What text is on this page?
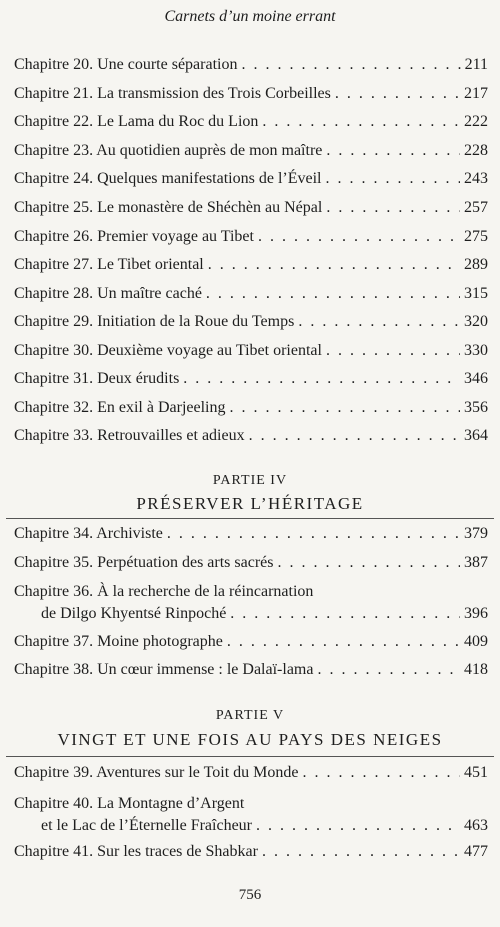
Carnets d’un moine errant
Chapitre 20. Une courte séparation . . .	211
Chapitre 21. La transmission des Trois Corbeilles . . .	217
Chapitre 22. Le Lama du Roc du Lion . . .	222
Chapitre 23. Au quotidien auprès de mon maître . . .	228
Chapitre 24. Quelques manifestations de l’Éveil . . .	243
Chapitre 25. Le monastère de Shéchèn au Népal . . .	257
Chapitre 26. Premier voyage au Tibet . . .	275
Chapitre 27. Le Tibet oriental . . .	289
Chapitre 28. Un maître caché . . .	315
Chapitre 29. Initiation de la Roue du Temps . . .	320
Chapitre 30. Deuxième voyage au Tibet oriental . . .	330
Chapitre 31. Deux érudits . . .	346
Chapitre 32. En exil à Darjeeling . . .	356
Chapitre 33. Retrouvailles et adieux . . .	364
PARTIE IV
PRÉSERVER L’HÉRITAGE
Chapitre 34. Archiviste . . .	379
Chapitre 35. Perpétuation des arts sacrés . . .	387
Chapitre 36. À la recherche de la réincarnation
de Dilgo Khyentsé Rinpoché . . .	396
Chapitre 37. Moine photographe . . .	409
Chapitre 38. Un cœur immense : le Dalaï-lama . . .	418
PARTIE V
VINGT ET UNE FOIS AU PAYS DES NEIGES
Chapitre 39. Aventures sur le Toit du Monde . . .	451
Chapitre 40. La Montagne d’Argent
et le Lac de l’Éternelle Fraîcheur . . .	463
Chapitre 41. Sur les traces de Shabkar . . .	477
756
